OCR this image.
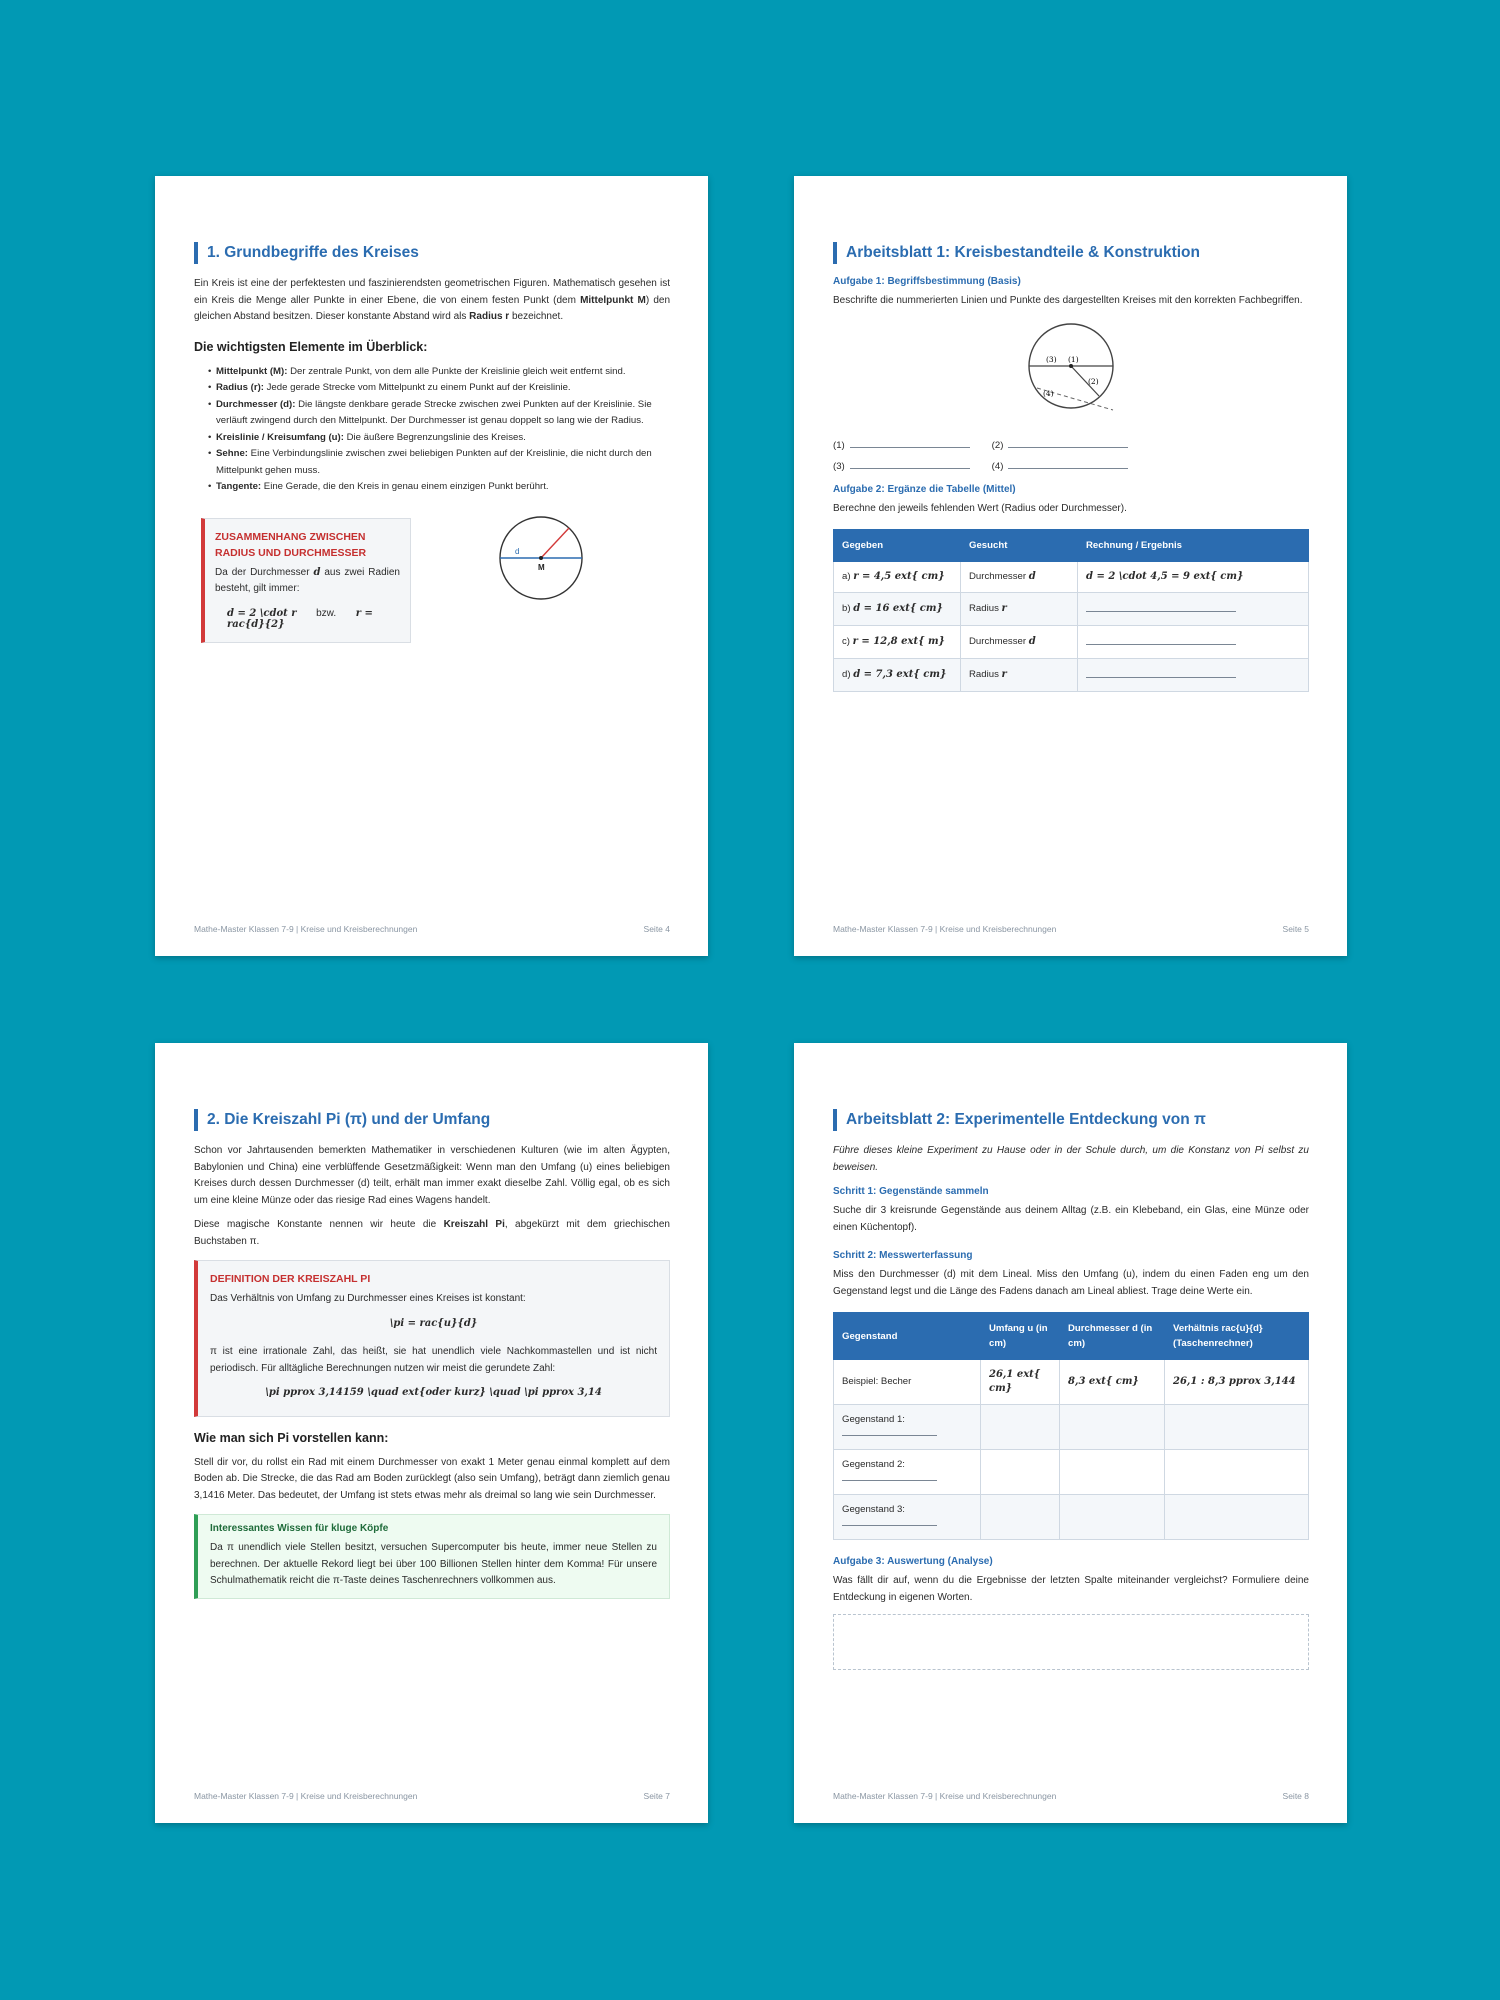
1. Grundbegriffe des Kreises

Ein Kreis ist eine der perfektesten und faszinierendsten geometrischen Figuren. Mathematisch gesehen ist ein Kreis die Menge aller Punkte in einer Ebene, die von einem festen Punkt (dem Mittelpunkt M) den gleichen Abstand besitzen. Dieser konstante Abstand wird als Radius r bezeichnet.

Die wichtigsten Elemente im Überblick:
• Mittelpunkt (M): Der zentrale Punkt, von dem alle Punkte der Kreislinie gleich weit entfernt sind.
• Radius (r): Jede gerade Strecke vom Mittelpunkt zu einem Punkt auf der Kreislinie.
• Durchmesser (d): Die längste denkbare gerade Strecke zwischen zwei Punkten auf der Kreislinie. Sie verläuft zwingend durch den Mittelpunkt. Der Durchmesser ist genau doppelt so lang wie der Radius.
• Kreislinie / Kreisumfang (u): Die äußere Begrenzungslinie des Kreises.
• Sehne: Eine Verbindungslinie zwischen zwei beliebigen Punkten auf der Kreislinie, die nicht durch den Mittelpunkt gehen muss.
• Tangente: Eine Gerade, die den Kreis in genau einem einzigen Punkt berührt.
ZUSAMMENHANG ZWISCHEN RADIUS UND DURCHMESSER

Da der Durchmesser d aus zwei Radien besteht, gilt immer:

d = 2 \cdot r bzw. r = rac{d}{2}
d
M
Mathe-Master Klassen 7-9 | Kreise und Kreisberechnungen	Seite 4
Arbeitsblatt 1: Kreisbestandteile & Konstruktion
Aufgabe 1: Begriffsbestimmung (Basis)

Beschrifte die nummerierten Linien und Punkte des dargestellten Kreises mit den korrekten Fachbegriffen.

(3) (1)
(2)
(4)
(1)	(2)
(3)	(4)
Aufgabe 2: Ergänze die Tabelle (Mittel)

Berechne den jeweils fehlenden Wert (Radius oder Durchmesser).

Gegeben	Gesucht	Rechnung / Ergebnis
a) r = 4,5 ext{ cm}	Durchmesser d	d = 2 \cdot 4,5 = 9 ext{ cm}
b) d = 16 ext{ cm}	Radius r	
c) r = 12,8 ext{ m}	Durchmesser d	
d) d = 7,3 ext{ cm}	Radius r	
Mathe-Master Klassen 7-9 | Kreise und Kreisberechnungen	Seite 5
2. Die Kreiszahl Pi (π) und der Umfang

Schon vor Jahrtausenden bemerkten Mathematiker in verschiedenen Kulturen (wie im alten Ägypten, Babylonien und China) eine verblüffende Gesetzmäßigkeit: Wenn man den Umfang (u) eines beliebigen Kreises durch dessen Durchmesser (d) teilt, erhält man immer exakt dieselbe Zahl. Völlig egal, ob es sich um eine kleine Münze oder das riesige Rad eines Wagens handelt.

Diese magische Konstante nennen wir heute die Kreiszahl Pi, abgekürzt mit dem griechischen Buchstaben π.

DEFINITION DER KREISZAHL PI

Das Verhältnis von Umfang zu Durchmesser eines Kreises ist konstant:

\pi = rac{u}{d}

π ist eine irrationale Zahl, das heißt, sie hat unendlich viele Nachkommastellen und ist nicht periodisch. Für alltägliche Berechnungen nutzen wir meist die gerundete Zahl:

\pi pprox 3,14159 \quad ext{oder kurz} \quad \pi pprox 3,14

Wie man sich Pi vorstellen kann:

Stell dir vor, du rollst ein Rad mit einem Durchmesser von exakt 1 Meter genau einmal komplett auf dem Boden ab. Die Strecke, die das Rad am Boden zurücklegt (also sein Umfang), beträgt dann ziemlich genau 3,1416 Meter. Das bedeutet, der Umfang ist stets etwas mehr als dreimal so lang wie sein Durchmesser.

Interessantes Wissen für kluge Köpfe

Da π unendlich viele Stellen besitzt, versuchen Supercomputer bis heute, immer neue Stellen zu berechnen. Der aktuelle Rekord liegt bei über 100 Billionen Stellen hinter dem Komma! Für unsere Schulmathematik reicht die π-Taste deines Taschenrechners vollkommen aus.

Mathe-Master Klassen 7-9 | Kreise und Kreisberechnungen	Seite 7
Arbeitsblatt 2: Experimentelle Entdeckung von π

Führe dieses kleine Experiment zu Hause oder in der Schule durch, um die Konstanz von Pi selbst zu beweisen.

Schritt 1: Gegenstände sammeln

Suche dir 3 kreisrunde Gegenstände aus deinem Alltag (z.B. ein Klebeband, ein Glas, eine Münze oder einen Küchentopf).

Schritt 2: Messwerterfassung

Miss den Durchmesser (d) mit dem Lineal. Miss den Umfang (u), indem du einen Faden eng um den Gegenstand legst und die Länge des Fadens danach am Lineal abliest. Trage deine Werte ein.

Gegenstand	Umfang u (in cm)	Durchmesser d (in cm)	Verhältnis rac{u}{d} (Taschenrechner)
Beispiel: Becher	26,1 ext{ cm}	8,3 ext{ cm}	26,1 : 8,3 pprox 3,144
Gegenstand 1:

Gegenstand 2:

Gegenstand 3:

Aufgabe 3: Auswertung (Analyse)

Was fällt dir auf, wenn du die Ergebnisse der letzten Spalte miteinander vergleichst? Formuliere deine Entdeckung in eigenen Worten.

Mathe-Master Klassen 7-9 | Kreise und Kreisberechnungen	Seite 8
